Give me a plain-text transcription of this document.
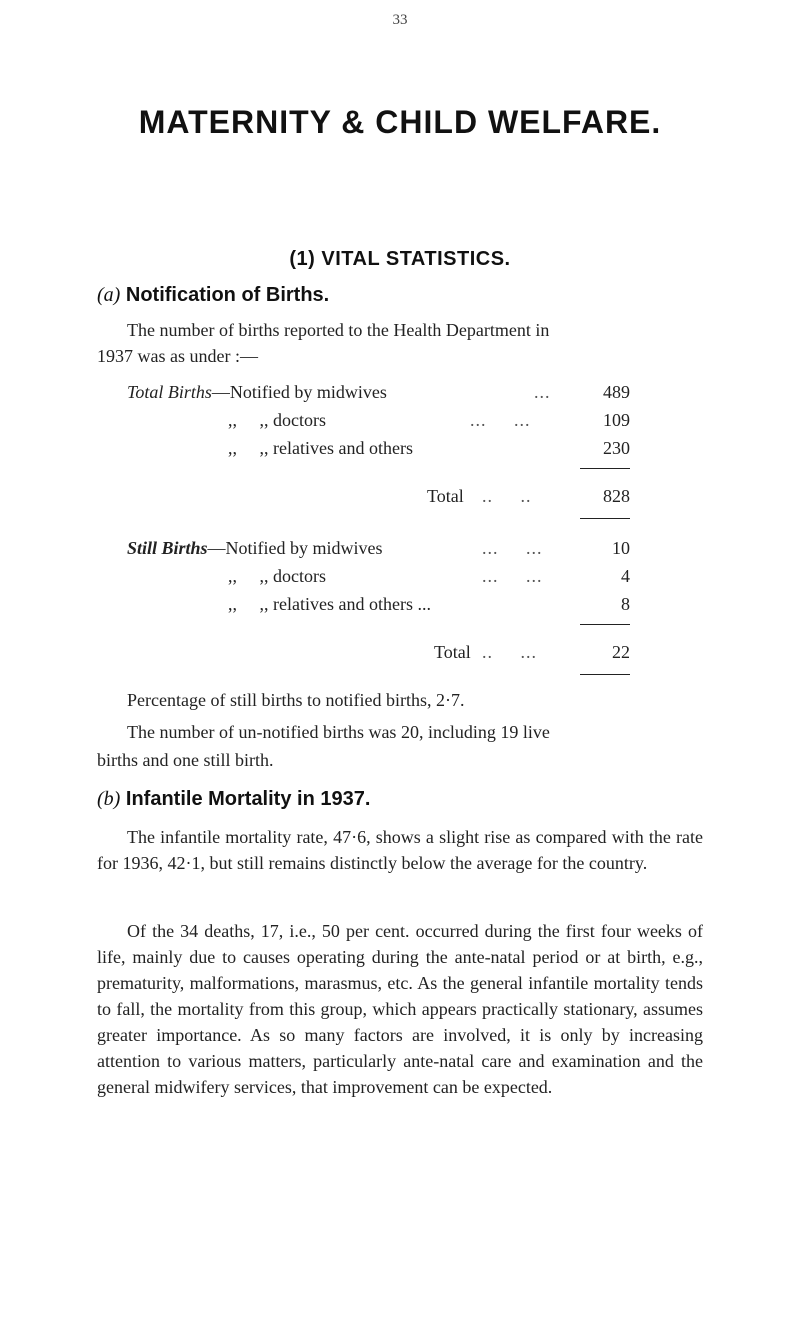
33
MATERNITY & CHILD WELFARE.
(1) VITAL STATISTICS.
(a) Notification of Births.
The number of births reported to the Health Department in
1937 was as under :—
Total Births—Notified by midwives	...	489
,,     ,, doctors	...     ...	109
,,     ,, relatives and others	230
Total ..     ..	828
Still Births—Notified by midwives	...     ...	10
,,     ,, doctors	...     ...	4
,,     ,, relatives and others ...	8
Total ..     ...	22
Percentage of still births to notified births, 2·7.
The number of un-notified births was 20, including 19 live
births and one still birth.
(b) Infantile Mortality in 1937.
The infantile mortality rate, 47·6, shows a slight rise as compared with the rate for 1936, 42·1, but still remains distinctly below the average for the country.
Of the 34 deaths, 17, i.e., 50 per cent. occurred during the first four weeks of life, mainly due to causes operating during the ante-natal period or at birth, e.g., prematurity, malformations, marasmus, etc. As the general infantile mortality tends to fall, the mortality from this group, which appears practically stationary, assumes greater importance. As so many factors are involved, it is only by increasing attention to various matters, particularly ante-natal care and examination and the general midwifery services, that improvement can be expected.
